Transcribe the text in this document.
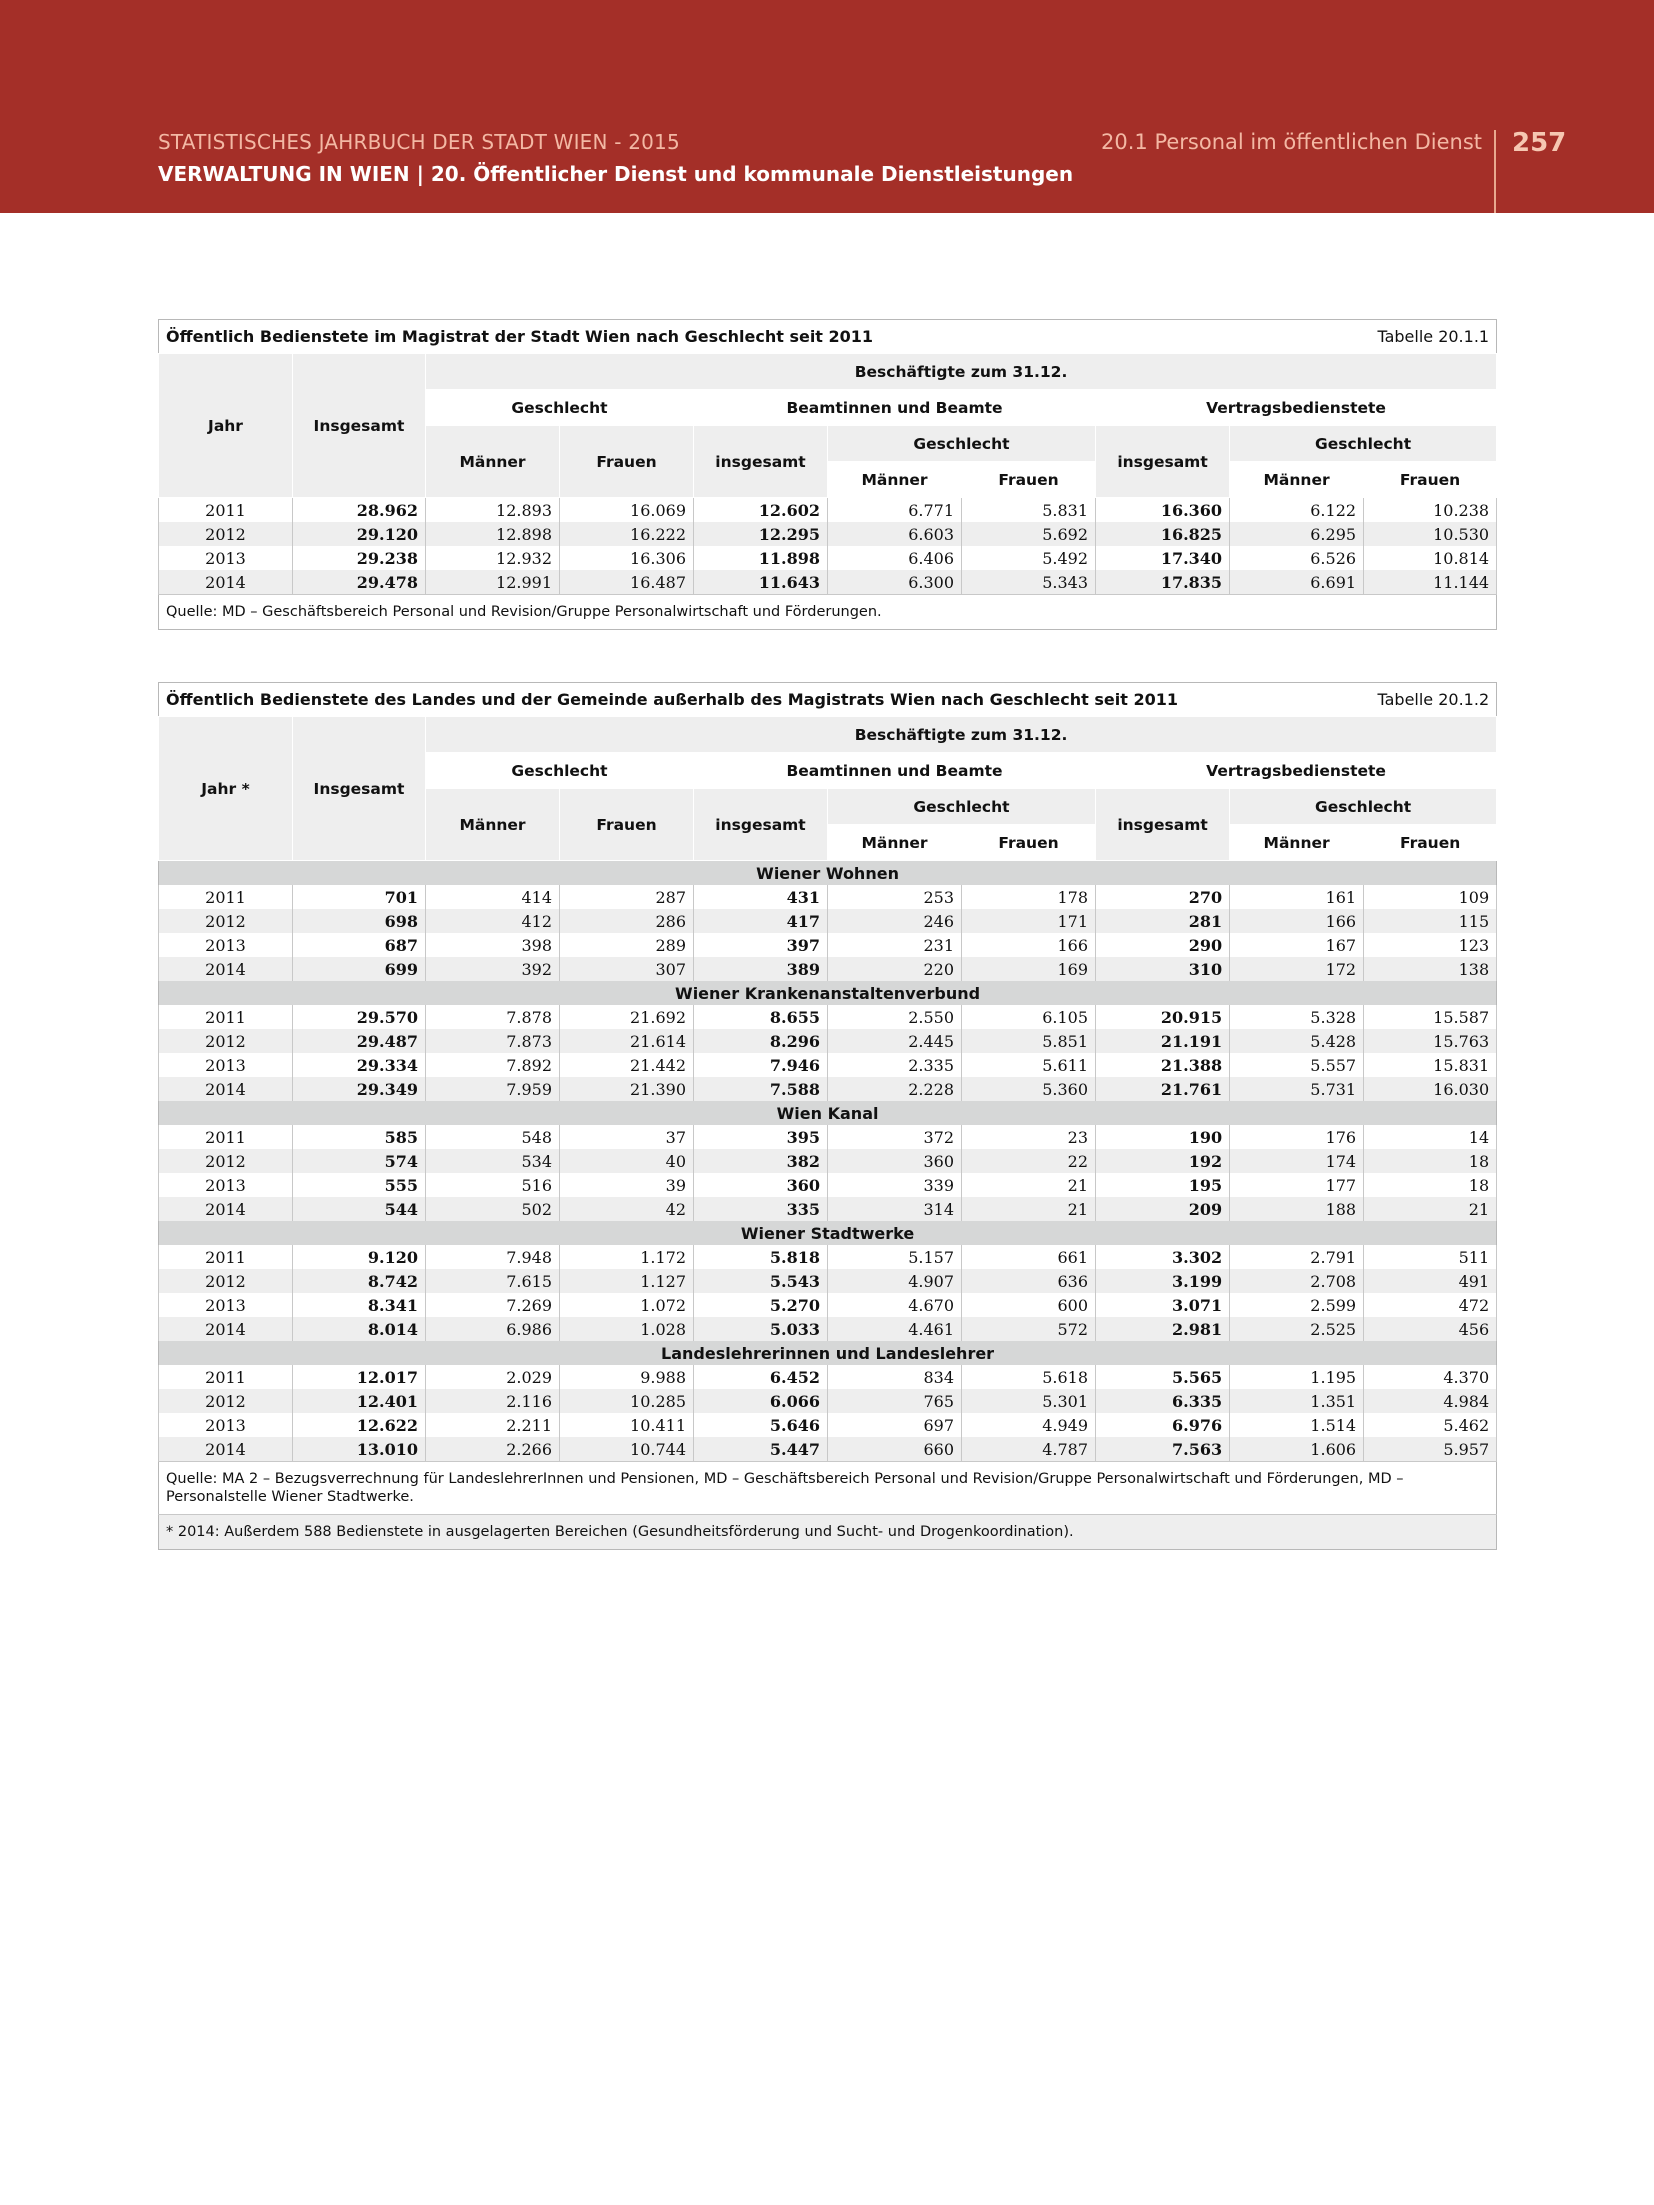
STATISTISCHES JAHRBUCH DER STADT WIEN - 2015
VERWALTUNG IN WIEN | 20. Öffentlicher Dienst und kommunale Dienstleistungen
20.1 Personal im öffentlichen Dienst 257
Öffentlich Bedienstete im Magistrat der Stadt Wien nach Geschlecht seit 2011								Tabelle 20.1.1	
Jahr	Insgesamt	Beschäftigte zum 31.12.							
		Geschlecht		Beamtinnen und Beamte			Vertragsbedienstete		
		Männer	Frauen	insgesamt	Geschlecht		insgesamt	Geschlecht	
					Männer	Frauen		Männer	Frauen
2011	28.962	12.893	16.069	12.602	6.771	5.831	16.360	6.122	10.238
2012	29.120	12.898	16.222	12.295	6.603	5.692	16.825	6.295	10.530
2013	29.238	12.932	16.306	11.898	6.406	5.492	17.340	6.526	10.814
2014	29.478	12.991	16.487	11.643	6.300	5.343	17.835	6.691	11.144
Quelle: MD – Geschäftsbereich Personal und Revision/Gruppe Personalwirtschaft und Förderungen.									
Öffentlich Bedienstete des Landes und der Gemeinde außerhalb des Magistrats Wien nach Geschlecht seit 2011								Tabelle 20.1.2	
Jahr *	Insgesamt	Beschäftigte zum 31.12.							
		Geschlecht		Beamtinnen und Beamte			Vertragsbedienstete		
		Männer	Frauen	insgesamt	Geschlecht		insgesamt	Geschlecht	
					Männer	Frauen		Männer	Frauen
Wiener Wohnen									
2011	701	414	287	431	253	178	270	161	109
2012	698	412	286	417	246	171	281	166	115
2013	687	398	289	397	231	166	290	167	123
2014	699	392	307	389	220	169	310	172	138
Wiener Krankenanstaltenverbund									
2011	29.570	7.878	21.692	8.655	2.550	6.105	20.915	5.328	15.587
2012	29.487	7.873	21.614	8.296	2.445	5.851	21.191	5.428	15.763
2013	29.334	7.892	21.442	7.946	2.335	5.611	21.388	5.557	15.831
2014	29.349	7.959	21.390	7.588	2.228	5.360	21.761	5.731	16.030
Wien Kanal									
2011	585	548	37	395	372	23	190	176	14
2012	574	534	40	382	360	22	192	174	18
2013	555	516	39	360	339	21	195	177	18
2014	544	502	42	335	314	21	209	188	21
Wiener Stadtwerke									
2011	9.120	7.948	1.172	5.818	5.157	661	3.302	2.791	511
2012	8.742	7.615	1.127	5.543	4.907	636	3.199	2.708	491
2013	8.341	7.269	1.072	5.270	4.670	600	3.071	2.599	472
2014	8.014	6.986	1.028	5.033	4.461	572	2.981	2.525	456
Landeslehrerinnen und Landeslehrer									
2011	12.017	2.029	9.988	6.452	834	5.618	5.565	1.195	4.370
2012	12.401	2.116	10.285	6.066	765	5.301	6.335	1.351	4.984
2013	12.622	2.211	10.411	5.646	697	4.949	6.976	1.514	5.462
2014	13.010	2.266	10.744	5.447	660	4.787	7.563	1.606	5.957
Quelle: MA 2 – Bezugsverrechnung für LandeslehrerInnen und Pensionen, MD – Geschäftsbereich Personal und Revision/Gruppe Personalwirtschaft und Förderungen, MD – Personalstelle Wiener Stadtwerke.									
* 2014: Außerdem 588 Bedienstete in ausgelagerten Bereichen (Gesundheitsförderung und Sucht- und Drogenkoordination).									
